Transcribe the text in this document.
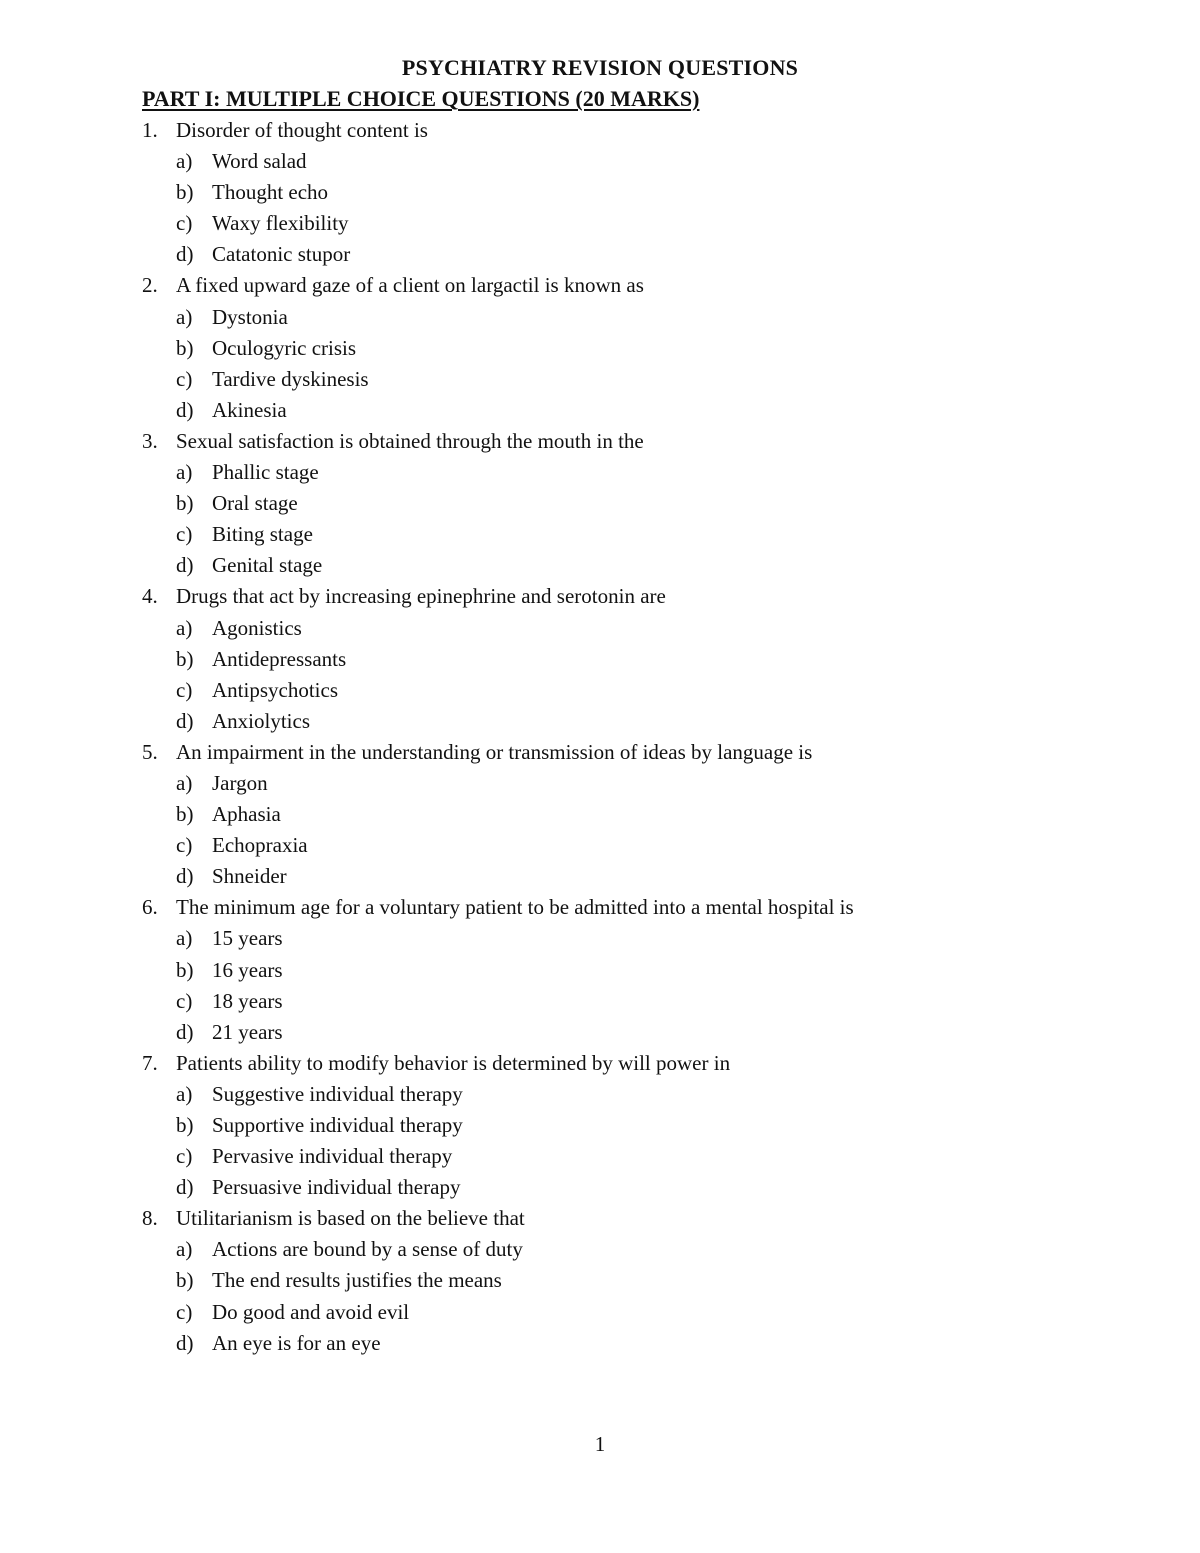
PSYCHIATRY REVISION QUESTIONS
PART I: MULTIPLE CHOICE QUESTIONS (20 MARKS)
1. Disorder of thought content is
a) Word salad
b) Thought echo
c) Waxy flexibility
d) Catatonic stupor
2. A fixed upward gaze of a client on largactil is known as
a) Dystonia
b) Oculogyric crisis
c) Tardive dyskinesis
d) Akinesia
3. Sexual satisfaction is obtained through the mouth in the
a) Phallic stage
b) Oral stage
c) Biting stage
d) Genital stage
4. Drugs that act by increasing epinephrine and serotonin are
a) Agonistics
b) Antidepressants
c) Antipsychotics
d) Anxiolytics
5. An impairment in the understanding or transmission of ideas by language is
a) Jargon
b) Aphasia
c) Echopraxia
d) Shneider
6. The minimum age for a voluntary patient to be admitted into a mental hospital is
a) 15 years
b) 16 years
c) 18 years
d) 21 years
7. Patients ability to modify behavior is determined by will power in
a) Suggestive individual therapy
b) Supportive individual therapy
c) Pervasive individual therapy
d) Persuasive individual therapy
8. Utilitarianism is based on the believe that
a) Actions are bound by a sense of duty
b) The end results justifies the means
c) Do good and avoid evil
d) An eye is for an eye
1
